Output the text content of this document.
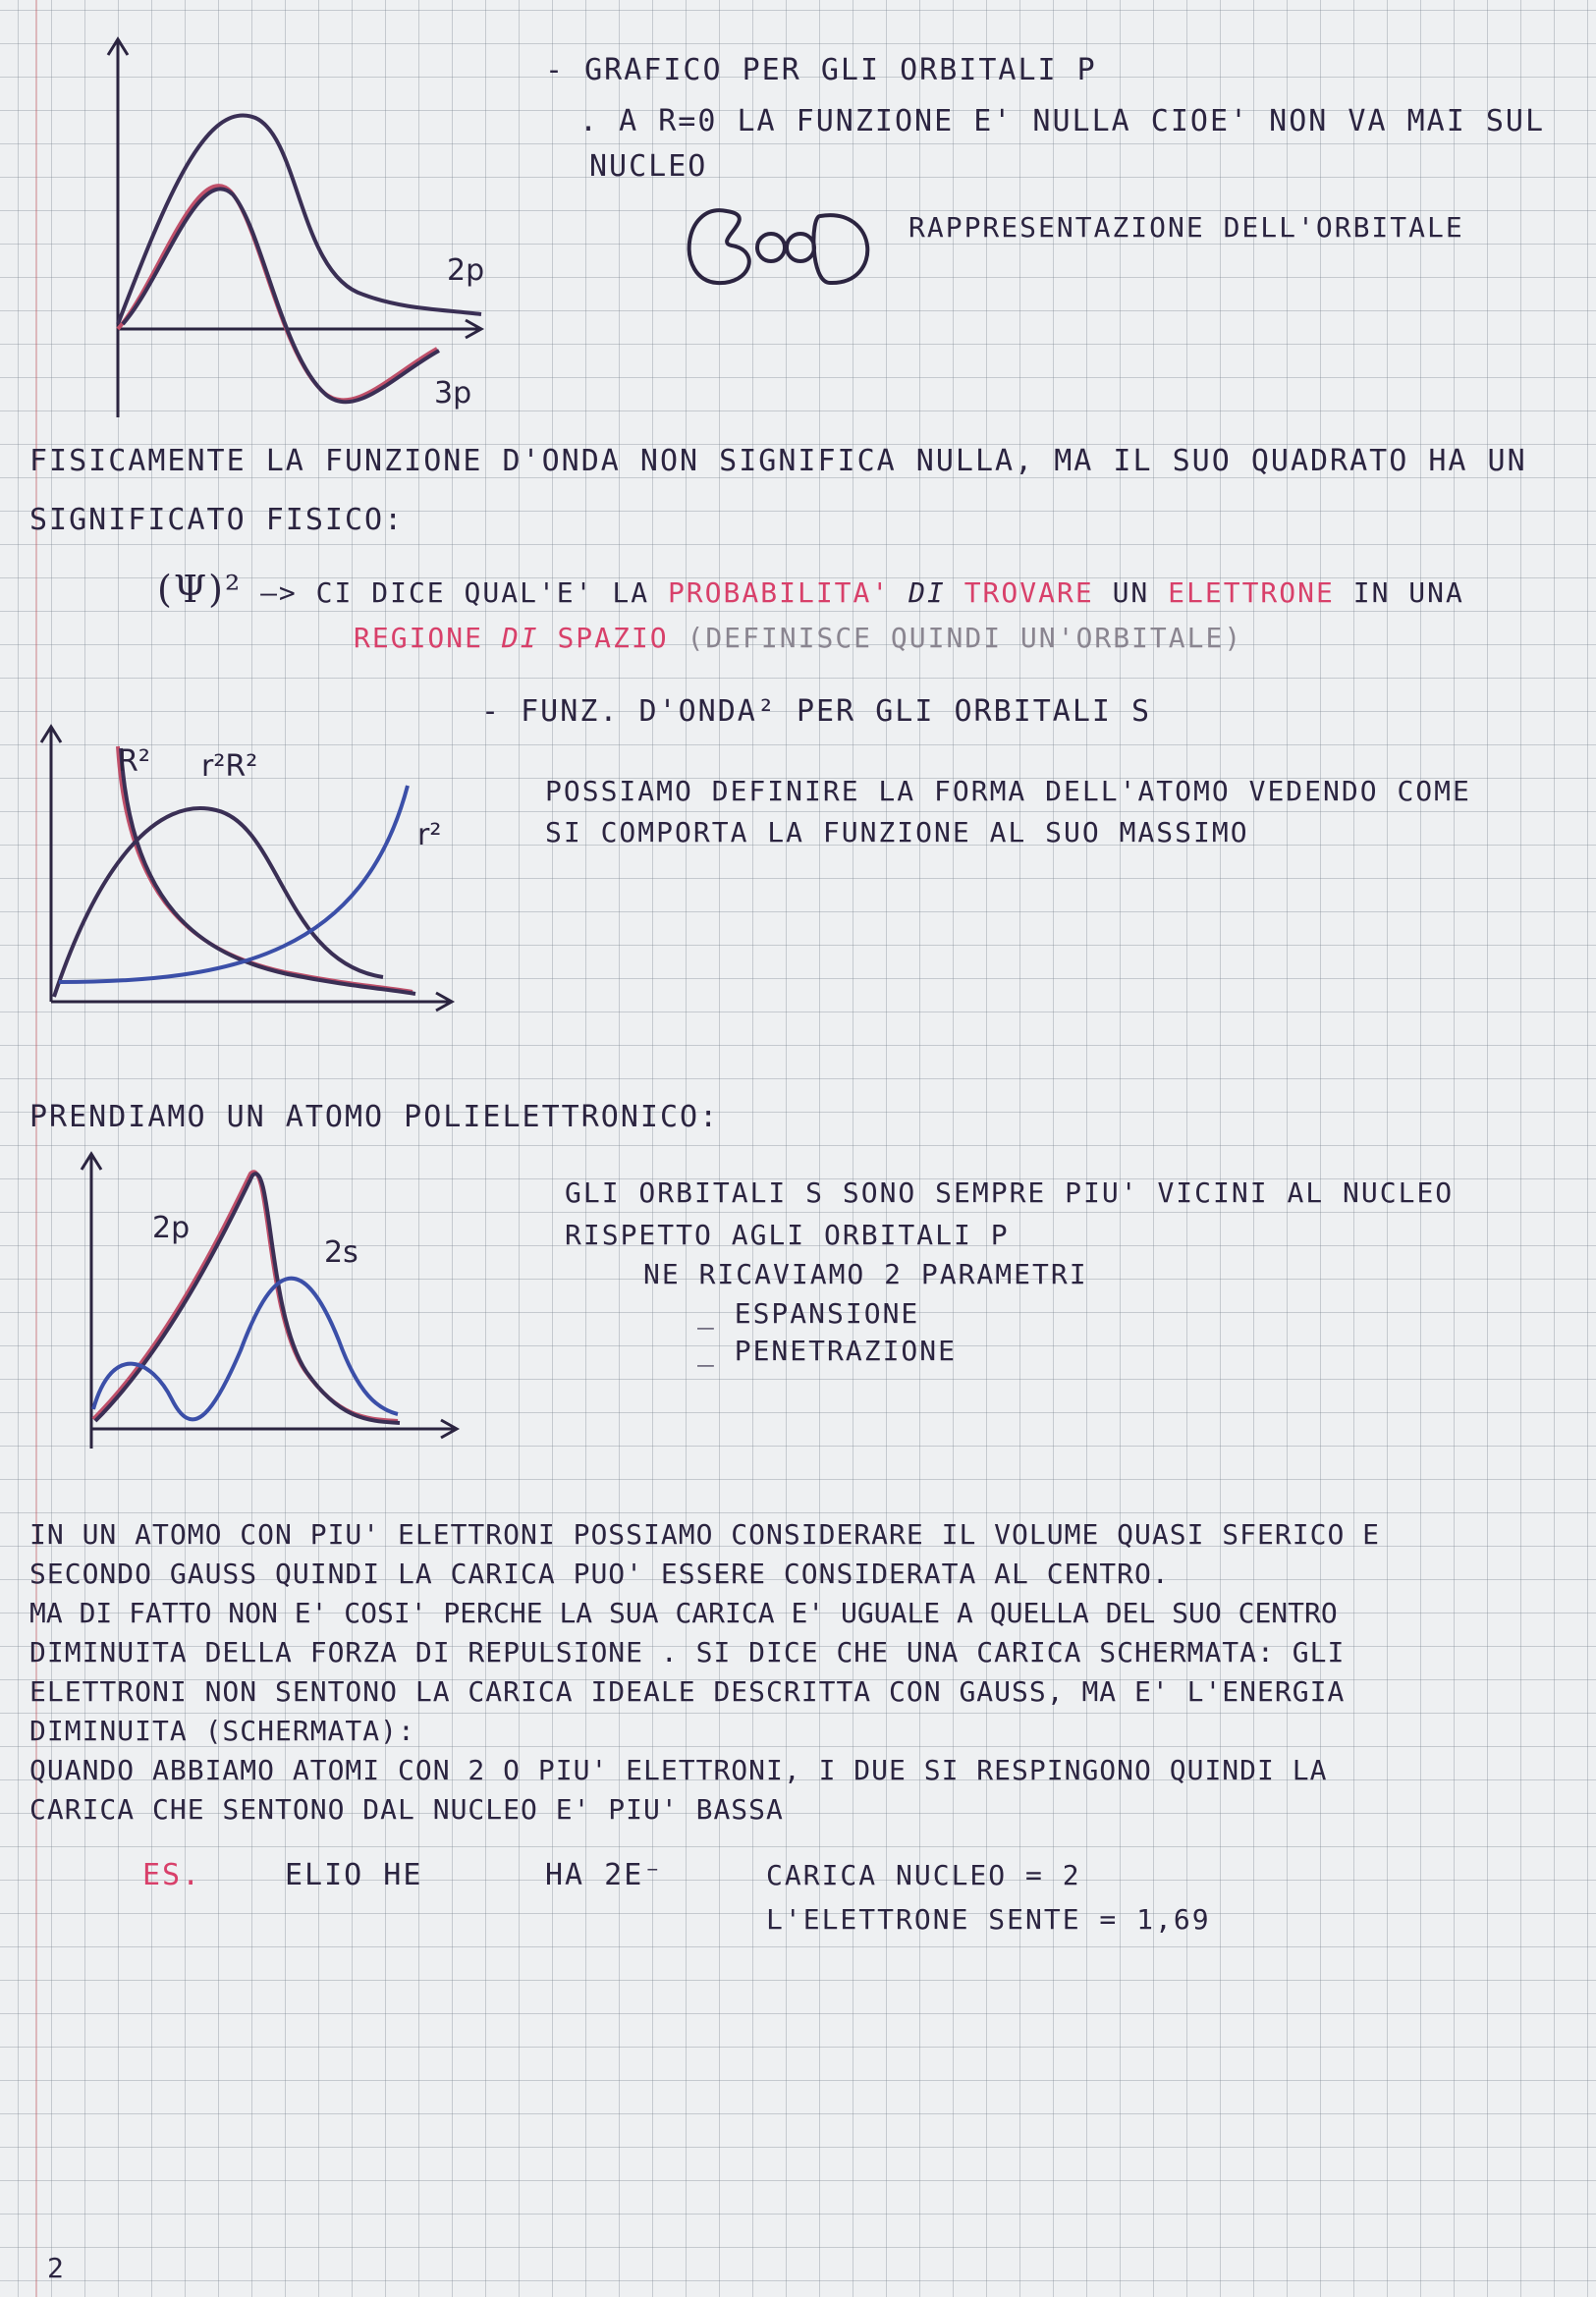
2p
3p

- GRAFICO PER GLI ORBITALI P

. A R=0 LA FUNZIONE E' NULLA CIOE' NON VA MAI SUL

NUCLEO

RAPPRESENTAZIONE DELL'ORBITALE

FISICAMENTE LA FUNZIONE D'ONDA NON SIGNIFICA NULLA, MA IL SUO QUADRATO HA UN

SIGNIFICATO FISICO:

(Ψ)² —> CI DICE QUAL'E' LA PROBABILITA' DI TROVARE UN ELETTRONE IN UNA

REGIONE DI SPAZIO (DEFINISCE QUINDI UN'ORBITALE)

R² r²R²
r²

- FUNZ. D'ONDA² PER GLI ORBITALI S

POSSIAMO DEFINIRE LA FORMA DELL'ATOMO VEDENDO COME

SI COMPORTA LA FUNZIONE AL SUO MASSIMO

PRENDIAMO UN ATOMO POLIELETTRONICO:

2p
2s

GLI ORBITALI S SONO SEMPRE PIU' VICINI AL NUCLEO

RISPETTO AGLI ORBITALI P

NE RICAVIAMO 2 PARAMETRI

_ ESPANSIONE

_ PENETRAZIONE

IN UN ATOMO CON PIU' ELETTRONI POSSIAMO CONSIDERARE IL VOLUME QUASI SFERICO E

SECONDO GAUSS QUINDI LA CARICA PUO' ESSERE CONSIDERATA AL CENTRO.

MA DI FATTO NON E' COSI' PERCHE LA SUA CARICA E' UGUALE A QUELLA DEL SUO CENTRO

DIMINUITA DELLA FORZA DI REPULSIONE . SI DICE CHE UNA CARICA SCHERMATA: GLI

ELETTRONI NON SENTONO LA CARICA IDEALE DESCRITTA CON GAUSS, MA E' L'ENERGIA

DIMINUITA (SCHERMATA):

QUANDO ABBIAMO ATOMI CON 2 O PIU' ELETTRONI, I DUE SI RESPINGONO QUINDI LA

CARICA CHE SENTONO DAL NUCLEO E' PIU' BASSA

ES.	ELIO HE	HA 2E⁻	CARICA NUCLEO = 2

L'ELETTRONE SENTE = 1,69

2
